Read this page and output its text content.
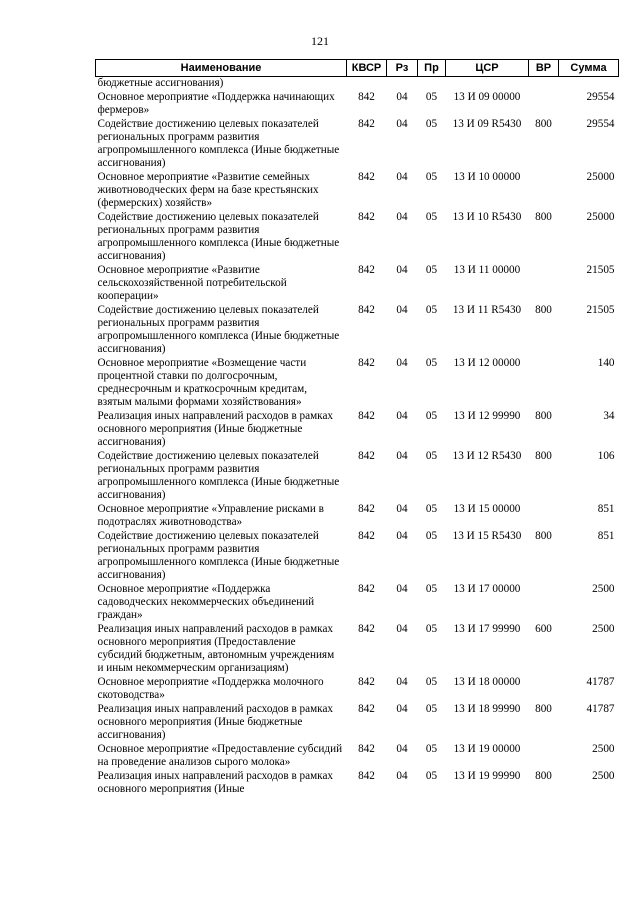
121
Наименование	КВСР	Рз	Пр	ЦСР	ВР	Сумма
бюджетные ассигнования)						
Основное мероприятие «Поддержка начинающих фермеров»	842	04	05	13 И 09 00000		29554
Содействие достижению целевых показателей региональных программ развития агропромышленного комплекса (Иные бюджетные ассигнования)	842	04	05	13 И 09 R5430	800	29554
Основное мероприятие «Развитие семейных животноводческих ферм на базе крестьянских (фермерских) хозяйств»	842	04	05	13 И 10 00000		25000
Содействие достижению целевых показателей региональных программ развития агропромышленного комплекса (Иные бюджетные ассигнования)	842	04	05	13 И 10 R5430	800	25000
Основное мероприятие «Развитие сельскохозяйственной потребительской кооперации»	842	04	05	13 И 11 00000		21505
Содействие достижению целевых показателей региональных программ развития агропромышленного комплекса (Иные бюджетные ассигнования)	842	04	05	13 И 11 R5430	800	21505
Основное мероприятие «Возмещение части процентной ставки по долгосрочным, среднесрочным и краткосрочным кредитам, взятым малыми формами хозяйствования»	842	04	05	13 И 12 00000		140
Реализация иных направлений расходов в рамках основного мероприятия (Иные бюджетные ассигнования)	842	04	05	13 И 12 99990	800	34
Содействие достижению целевых показателей региональных программ развития агропромышленного комплекса (Иные бюджетные ассигнования)	842	04	05	13 И 12 R5430	800	106
Основное мероприятие «Управление рисками в подотраслях животноводства»	842	04	05	13 И 15 00000		851
Содействие достижению целевых показателей региональных программ развития агропромышленного комплекса (Иные бюджетные ассигнования)	842	04	05	13 И 15 R5430	800	851
Основное мероприятие «Поддержка садоводческих некоммерческих объединений граждан»	842	04	05	13 И 17 00000		2500
Реализация иных направлений расходов в рамках основного мероприятия (Предоставление субсидий бюджетным, автономным учреждениям и иным некоммерческим организациям)	842	04	05	13 И 17 99990	600	2500
Основное мероприятие «Поддержка молочного скотоводства»	842	04	05	13 И 18 00000		41787
Реализация иных направлений расходов в рамках основного мероприятия (Иные бюджетные ассигнования)	842	04	05	13 И 18 99990	800	41787
Основное мероприятие «Предоставление субсидий на проведение анализов сырого молока»	842	04	05	13 И 19 00000		2500
Реализация иных направлений расходов в рамках основного мероприятия (Иные	842	04	05	13 И 19 99990	800	2500
